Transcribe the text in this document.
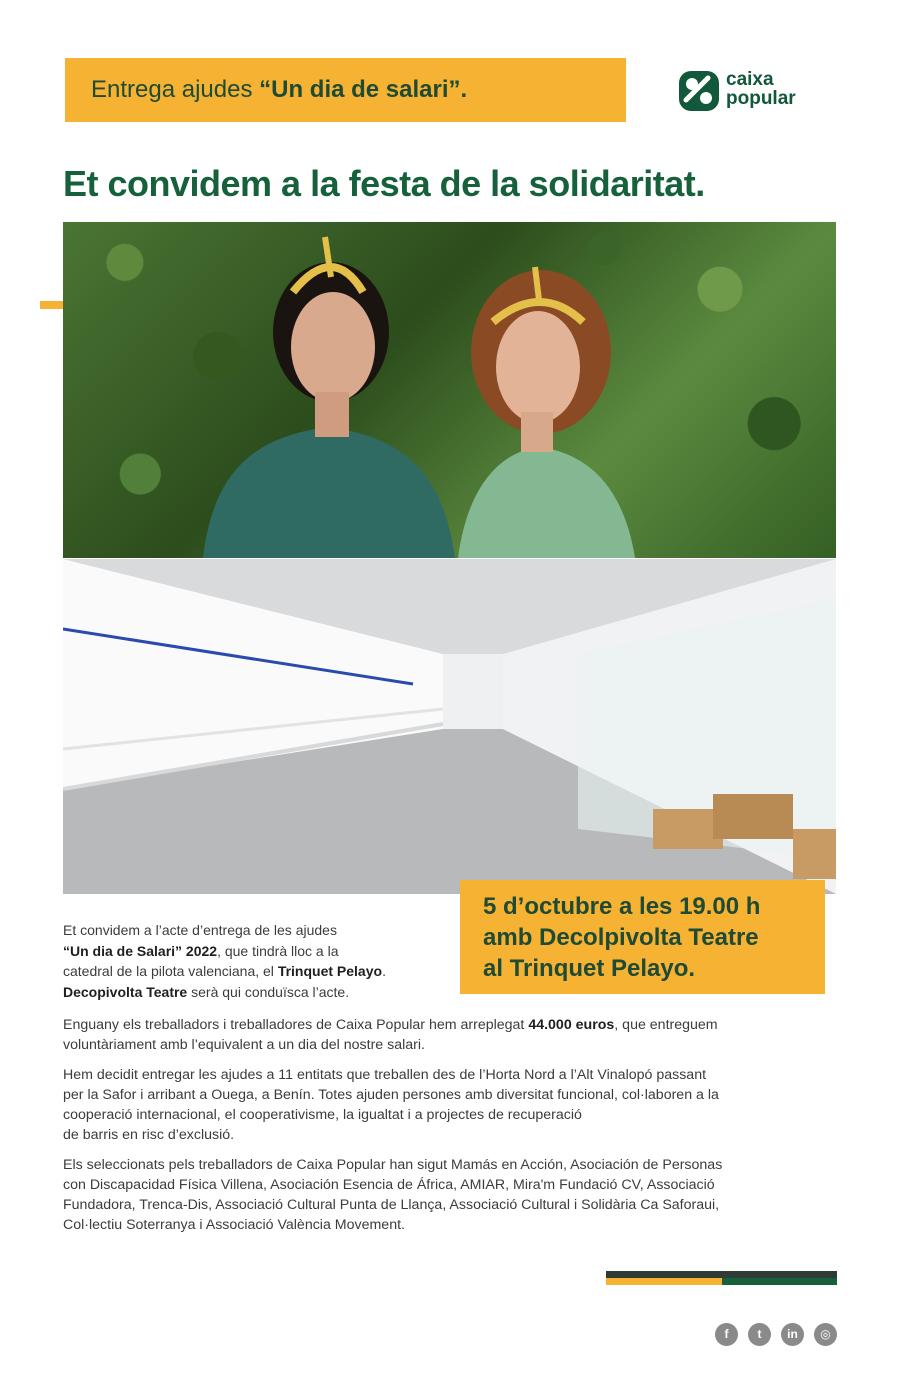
Entrega ajudes “Un dia de salari”.	caixa
popular
Et convidem a la festa de la solidaritat.
5 d’octubre a les 19.00 h
amb Decolpivolta Teatre
al Trinquet Pelayo.

Et convidem a l’acte d’entrega de les ajudes

“Un dia de Salari” 2022, que tindrà lloc a la

catedral de la pilota valenciana, el Trinquet Pelayo.

Decopivolta Teatre serà qui conduïsca l’acte.

Enguany els treballadors i treballadores de Caixa Popular hem arreplegat 44.000 euros, que entreguem
voluntàriament amb l’equivalent a un dia del nostre salari.
Hem decidit entregar les ajudes a 11 entitats que treballen des de l’Horta Nord a l’Alt Vinalopó passant
per la Safor i arribant a Ouega, a Benín. Totes ajuden persones amb diversitat funcional, col·laboren a la
cooperació internacional, el cooperativisme, la igualtat i a projectes de recuperació
de barris en risc d’exclusió.
Els seleccionats pels treballadors de Caixa Popular han sigut Mamás en Acción, Asociación de Personas
con Discapacidad Física Villena, Asociación Esencia de África, AMIAR, Mira'm Fundació CV, Associació
Fundadora, Trenca-Dis, Associació Cultural Punta de Llança, Associació Cultural i Solidària Ca Saforaui,
Col·lectiu Soterranya i Associació València Movement.
f	t	in	◎
